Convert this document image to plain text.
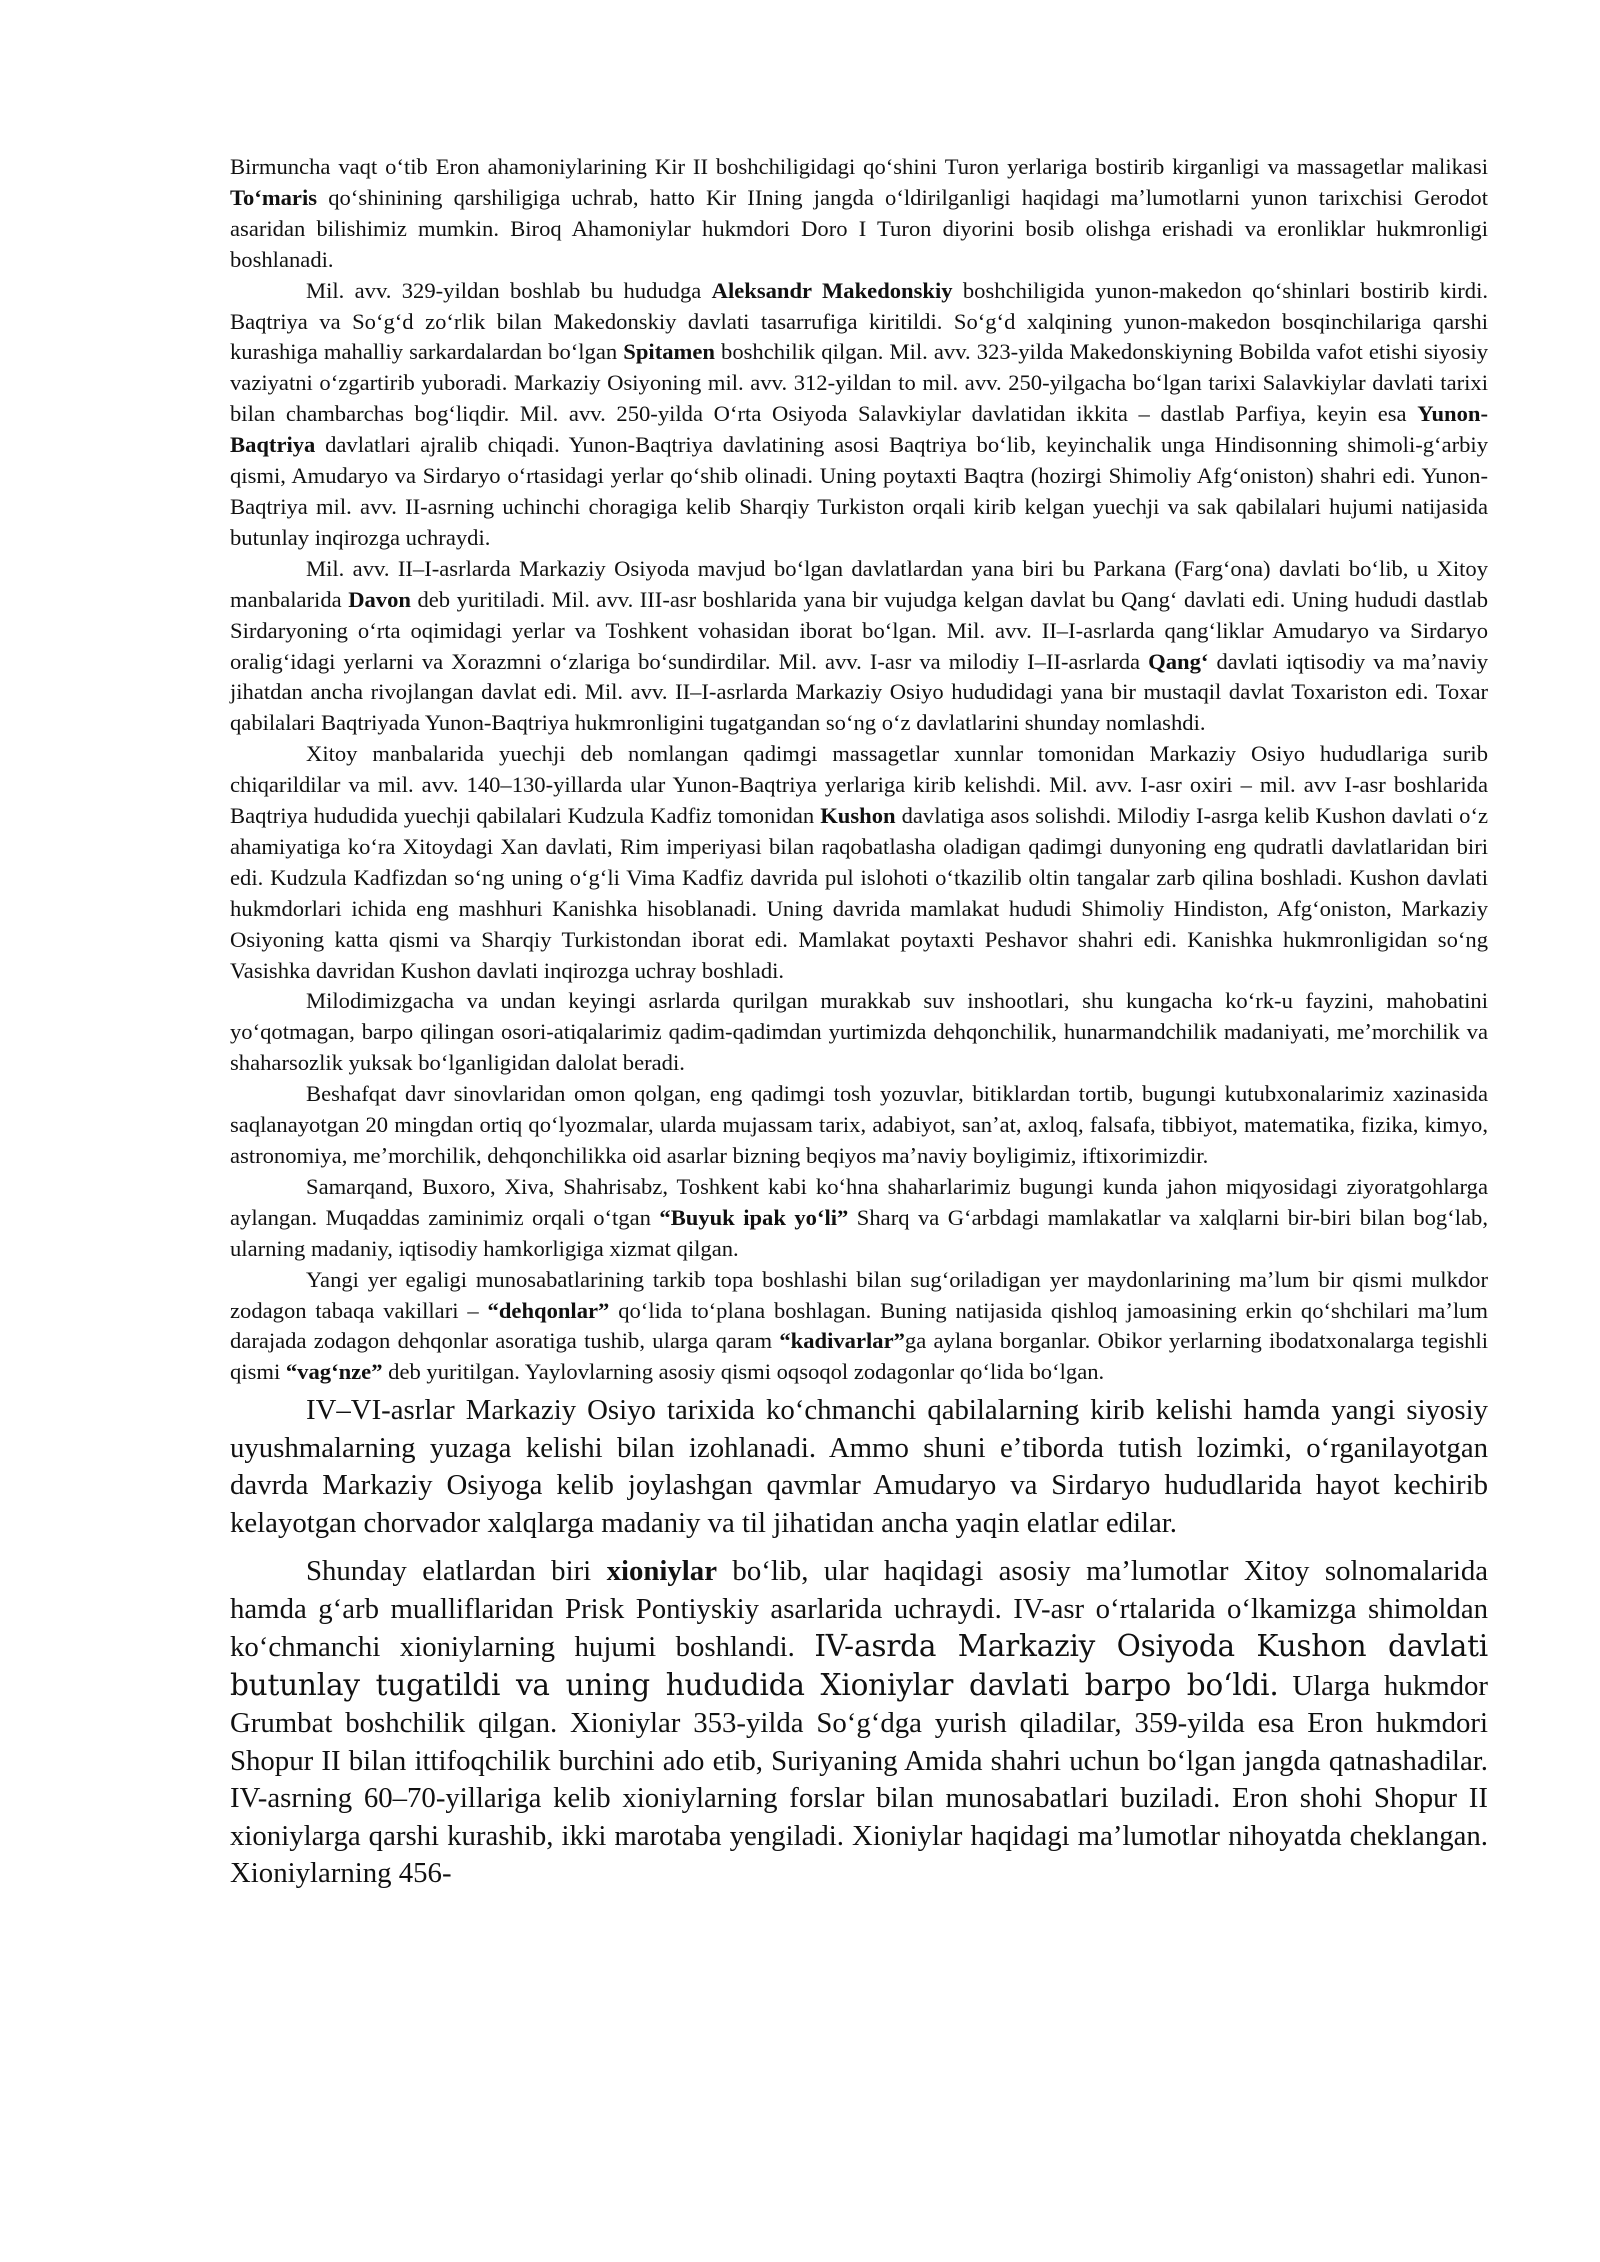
Birmuncha vaqt oʻtib Eron ahamoniylarining Kir II boshchiligidagi qoʻshini Turon yerlariga bostirib kirganligi va massagetlar malikasi Toʻmaris qoʻshinining qarshiligiga uchrab, hatto Kir IIning jangda oʻldirilganligi haqidagi maʼlumotlarni yunon tarixchisi Gerodot asaridan bilishimiz mumkin. Biroq Ahamoniylar hukmdori Doro I Turon diyorini bosib olishga erishadi va eronliklar hukmronligi boshlanadi.

Mil. avv. 329-yildan boshlab bu hududga Aleksandr Makedonskiy boshchiligida yunon-makedon qoʻshinlari bostirib kirdi. Baqtriya va Soʻgʻd zoʻrlik bilan Makedonskiy davlati tasarrufiga kiritildi. Soʻgʻd xalqining yunon-makedon bosqinchilariga qarshi kurashiga mahalliy sarkardalardan boʻlgan Spitamen boshchilik qilgan. Mil. avv. 323-yilda Makedonskiyning Bobilda vafot etishi siyosiy vaziyatni oʻzgartirib yuboradi. Markaziy Osiyoning mil. avv. 312-yildan to mil. avv. 250-yilgacha boʻlgan tarixi Salavkiylar davlati tarixi bilan chambarchas bogʻliqdir. Mil. avv. 250-yilda Oʻrta Osiyoda Salavkiylar davlatidan ikkita – dastlab Parfiya, keyin esa Yunon-Baqtriya davlatlari ajralib chiqadi. Yunon-Baqtriya davlatining asosi Baqtriya boʻlib, keyinchalik unga Hindisonning shimoli-gʻarbiy qismi, Amudaryo va Sirdaryo oʻrtasidagi yerlar qoʻshib olinadi. Uning poytaxti Baqtra (hozirgi Shimoliy Afgʻoniston) shahri edi. Yunon-Baqtriya mil. avv. II-asrning uchinchi choragiga kelib Sharqiy Turkiston orqali kirib kelgan yuechji va sak qabilalari hujumi natijasida butunlay inqirozga uchraydi.

Mil. avv. II–I-asrlarda Markaziy Osiyoda mavjud boʻlgan davlatlardan yana biri bu Parkana (Fargʻona) davlati boʻlib, u Xitoy manbalarida Davon deb yuritiladi. Mil. avv. III-asr boshlarida yana bir vujudga kelgan davlat bu Qangʻ davlati edi. Uning hududi dastlab Sirdaryoning oʻrta oqimidagi yerlar va Toshkent vohasidan iborat boʻlgan. Mil. avv. II–I-asrlarda qangʻliklar Amudaryo va Sirdaryo oraligʻidagi yerlarni va Xorazmni oʻzlariga boʻsundirdilar. Mil. avv. I-asr va milodiy I–II-asrlarda Qangʻ davlati iqtisodiy va maʼnaviy jihatdan ancha rivojlangan davlat edi. Mil. avv. II–I-asrlarda Markaziy Osiyo hududidagi yana bir mustaqil davlat Toxariston edi. Toxar qabilalari Baqtriyada Yunon-Baqtriya hukmronligini tugatgandan soʻng oʻz davlatlarini shunday nomlashdi.

Xitoy manbalarida yuechji deb nomlangan qadimgi massagetlar xunnlar tomonidan Markaziy Osiyo hududlariga surib chiqarildilar va mil. avv. 140–130-yillarda ular Yunon-Baqtriya yerlariga kirib kelishdi. Mil. avv. I-asr oxiri – mil. avv I-asr boshlarida Baqtriya hududida yuechji qabilalari Kudzula Kadfiz tomonidan Kushon davlatiga asos solishdi. Milodiy I-asrga kelib Kushon davlati oʻz ahamiyatiga koʻra Xitoydagi Xan davlati, Rim imperiyasi bilan raqobatlasha oladigan qadimgi dunyoning eng qudratli davlatlaridan biri edi. Kudzula Kadfizdan soʻng uning oʻgʻli Vima Kadfiz davrida pul islohoti oʻtkazilib oltin tangalar zarb qilina boshladi. Kushon davlati hukmdorlari ichida eng mashhuri Kanishka hisoblanadi. Uning davrida mamlakat hududi Shimoliy Hindiston, Afgʻoniston, Markaziy Osiyoning katta qismi va Sharqiy Turkistondan iborat edi. Mamlakat poytaxti Peshavor shahri edi. Kanishka hukmronligidan soʻng Vasishka davridan Kushon davlati inqirozga uchray boshladi.

Milodimizgacha va undan keyingi asrlarda qurilgan murakkab suv inshootlari, shu kungacha koʻrk-u fayzini, mahobatini yoʻqotmagan, barpo qilingan osori-atiqalarimiz qadim-qadimdan yurtimizda dehqonchilik, hunarmandchilik madaniyati, meʼmorchilik va shaharsozlik yuksak boʻlganligidan dalolat beradi.

Beshafqat davr sinovlaridan omon qolgan, eng qadimgi tosh yozuvlar, bitiklardan tortib, bugungi kutubxonalarimiz xazinasida saqlanayotgan 20 mingdan ortiq qoʻlyozmalar, ularda mujassam tarix, adabiyot, sanʼat, axloq, falsafa, tibbiyot, matematika, fizika, kimyo, astronomiya, meʼmorchilik, dehqonchilikka oid asarlar bizning beqiyos maʼnaviy boyligimiz, iftixorimizdir.

Samarqand, Buxoro, Xiva, Shahrisabz, Toshkent kabi koʻhna shaharlarimiz bugungi kunda jahon miqyosidagi ziyoratgohlarga aylangan. Muqaddas zaminimiz orqali oʻtgan “Buyuk ipak yoʻli” Sharq va Gʻarbdagi mamlakatlar va xalqlarni bir-biri bilan bogʻlab, ularning madaniy, iqtisodiy hamkorligiga xizmat qilgan.

Yangi yer egaligi munosabatlarining tarkib topa boshlashi bilan sugʻoriladigan yer maydonlarining maʼlum bir qismi mulkdor zodagon tabaqa vakillari – “dehqonlar” qoʻlida toʻplana boshlagan. Buning natijasida qishloq jamoasining erkin qoʻshchilari maʼlum darajada zodagon dehqonlar asoratiga tushib, ularga qaram “kadivarlar”ga aylana borganlar. Obikor yerlarning ibodatxonalarga tegishli qismi “vagʻnze” deb yuritilgan. Yaylovlarning asosiy qismi oqsoqol zodagonlar qoʻlida boʻlgan.

IV–VI-asrlar Markaziy Osiyo tarixida koʻchmanchi qabilalarning kirib kelishi hamda yangi siyosiy uyushmalarning yuzaga kelishi bilan izohlanadi. Ammo shuni eʼtiborda tutish lozimki, oʻrganilayotgan davrda Markaziy Osiyoga kelib joylashgan qavmlar Amudaryo va Sirdaryo hududlarida hayot kechirib kelayotgan chorvador xalqlarga madaniy va til jihatidan ancha yaqin elatlar edilar.

Shunday elatlardan biri xioniylar boʻlib, ular haqidagi asosiy maʼlumotlar Xitoy solnomalarida hamda gʻarb mualliflaridan Prisk Pontiyskiy asarlarida uchraydi. IV-asr oʻrtalarida oʻlkamizga shimoldan koʻchmanchi xioniylarning hujumi boshlandi. IV-asrda Markaziy Osiyoda Kushon davlati butunlay tugatildi va uning hududida Xioniylar davlati barpo boʻldi. Ularga hukmdor Grumbat boshchilik qilgan. Xioniylar 353-yilda Soʻgʻdga yurish qiladilar, 359-yilda esa Eron hukmdori Shopur II bilan ittifoqchilik burchini ado etib, Suriyaning Amida shahri uchun boʻlgan jangda qatnashadilar. IV-asrning 60–70-yillariga kelib xioniylarning forslar bilan munosabatlari buziladi. Eron shohi Shopur II xioniylarga qarshi kurashib, ikki marotaba yengiladi. Xioniylar haqidagi maʼlumotlar nihoyatda cheklangan. Xioniylarning 456-
